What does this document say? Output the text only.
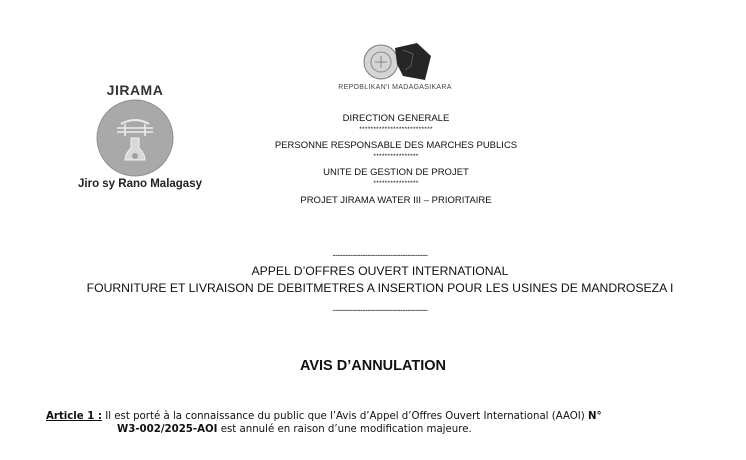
JIRAMA
Jiro sy Rano Malagasy
REPOBLIKAN'I MADAGASIKARA
DIRECTION GENERALE
**************************
PERSONNE RESPONSABLE DES MARCHES PUBLICS
****************
UNITE DE GESTION DE PROJET
****************
PROJET JIRAMA WATER III – PRIORITAIRE
--------------------------------------
APPEL D’OFFRES OUVERT INTERNATIONAL
FOURNITURE ET LIVRAISON DE DEBITMETRES A INSERTION POUR LES USINES DE MANDROSEZA I
--------------------------------------
AVIS D’ANNULATION
Article 1 : Il est porté à la connaissance du public que l’Avis d’Appel d’Offres Ouvert International (AAOI) N°
W3-002/2025-AOI est annulé en raison d’une modification majeure.
